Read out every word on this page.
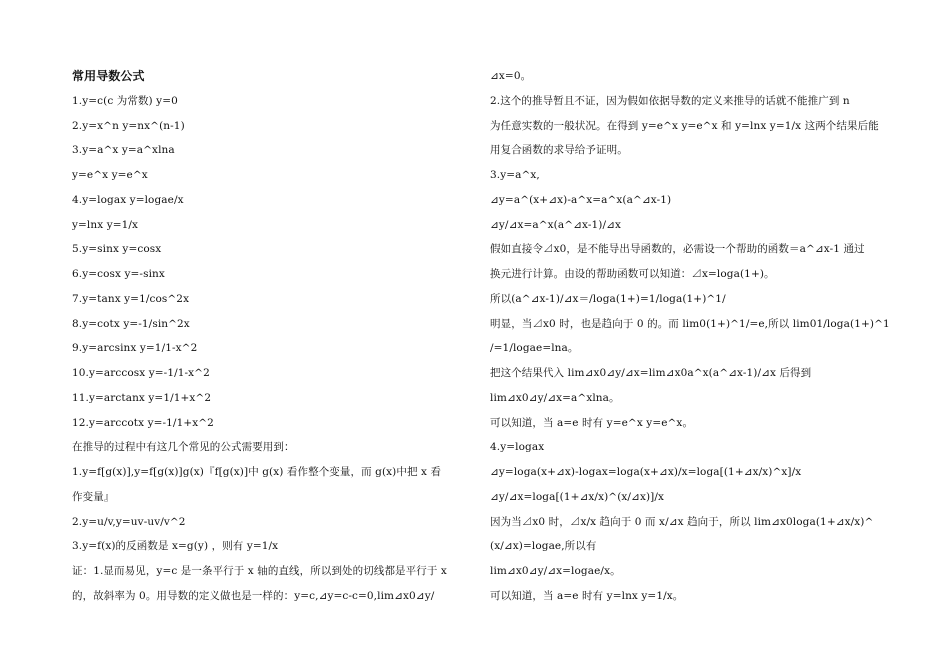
常用导数公式
1.y=c(c 为常数) y=0
2.y=x^n y=nx^(n-1)
3.y=a^x y=a^xlna
y=e^x y=e^x
4.y=logax y=logae/x
y=lnx y=1/x
5.y=sinx y=cosx
6.y=cosx y=-sinx
7.y=tanx y=1/cos^2x
8.y=cotx y=-1/sin^2x
9.y=arcsinx y=1/1-x^2
10.y=arccosx y=-1/1-x^2
11.y=arctanx y=1/1+x^2
12.y=arccotx y=-1/1+x^2
在推导的过程中有这几个常见的公式需要用到：
1.y=f[g(x)],y=f[g(x)]g(x)『f[g(x)]中 g(x) 看作整个变量，而 g(x)中把 x 看
作变量』
2.y=u/v,y=uv-uv/v^2
3.y=f(x)的反函数是 x=g(y) ，则有 y=1/x
证：1.显而易见，y=c 是一条平行于 x 轴的直线，所以到处的切线都是平行于 x
的，故斜率为 0。用导数的定义做也是一样的：y=c,⊿y=c-c=0,lim⊿x0⊿y/
⊿x=0。
2.这个的推导暂且不证，因为假如依据导数的定义来推导的话就不能推广到 n
为任意实数的一般状况。在得到 y=e^x y=e^x 和 y=lnx y=1/x 这两个结果后能
用复合函数的求导给予证明。
3.y=a^x,
⊿y=a^(x+⊿x)-a^x=a^x(a^⊿x-1)
⊿y/⊿x=a^x(a^⊿x-1)/⊿x
假如直接令⊿x0，是不能导出导函数的，必需设一个帮助的函数＝a^⊿x-1 通过
换元进行计算。由设的帮助函数可以知道：⊿x=loga(1+)。
所以(a^⊿x-1)/⊿x＝/loga(1+)=1/loga(1+)^1/
明显，当⊿x0 时，也是趋向于 0 的。而 lim0(1+)^1/=e,所以 lim01/loga(1+)^1
/=1/logae=lna。
把这个结果代入 lim⊿x0⊿y/⊿x=lim⊿x0a^x(a^⊿x-1)/⊿x 后得到
lim⊿x0⊿y/⊿x=a^xlna。
可以知道，当 a=e 时有 y=e^x y=e^x。
4.y=logax
⊿y=loga(x+⊿x)-logax=loga(x+⊿x)/x=loga[(1+⊿x/x)^x]/x
⊿y/⊿x=loga[(1+⊿x/x)^(x/⊿x)]/x
因为当⊿x0 时，⊿x/x 趋向于 0 而 x/⊿x 趋向于，所以 lim⊿x0loga(1+⊿x/x)^
(x/⊿x)=logae,所以有
lim⊿x0⊿y/⊿x=logae/x。
可以知道，当 a=e 时有 y=lnx y=1/x。
